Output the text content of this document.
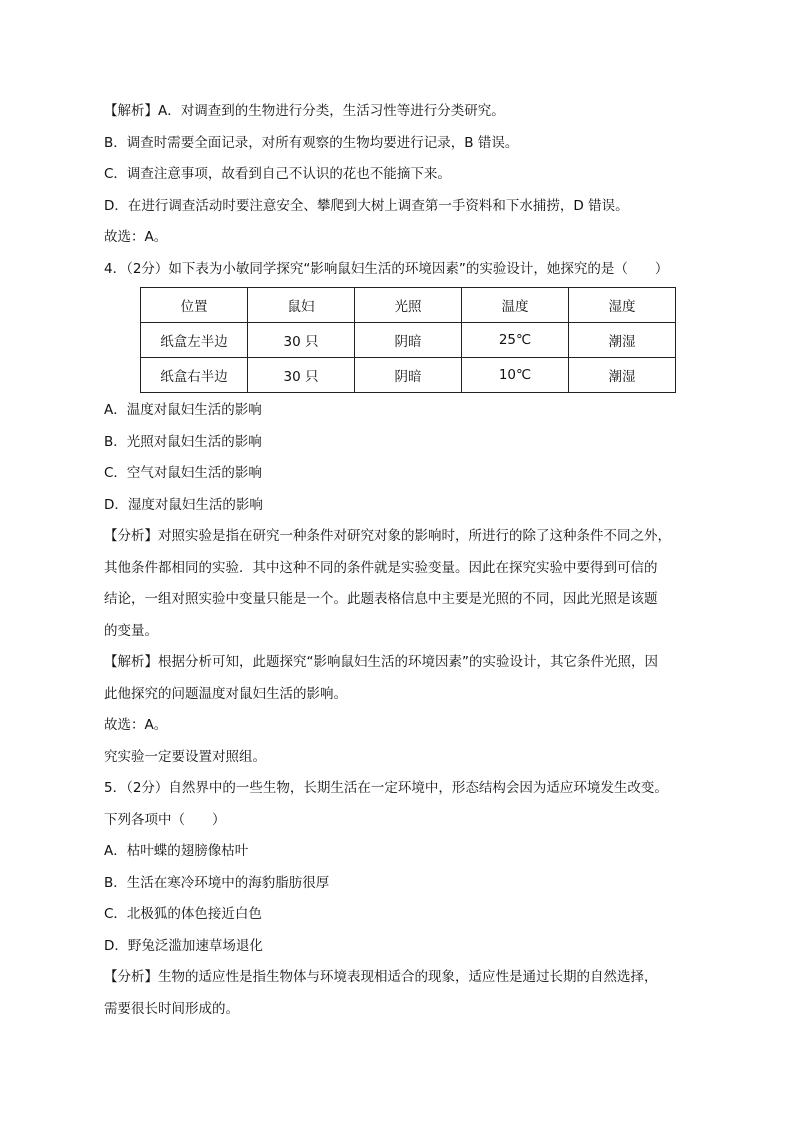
【解析】A．对调查到的生物进行分类，生活习性等进行分类研究。
B．调查时需要全面记录，对所有观察的生物均要进行记录，B 错误。
C．调查注意事项，故看到自己不认识的花也不能摘下来。
D．在进行调查活动时要注意安全、攀爬到大树上调查第一手资料和下水捕捞，D 错误。
故选：A。
4．（2分）如下表为小敏同学探究“影响鼠妇生活的环境因素”的实验设计，她探究的是（　　）
位置	鼠妇	光照	温度	湿度
纸盒左半边	30 只	阴暗	25℃	潮湿
纸盒右半边	30 只	阴暗	10℃	潮湿
A．温度对鼠妇生活的影响
B．光照对鼠妇生活的影响
C．空气对鼠妇生活的影响
D．湿度对鼠妇生活的影响
【分析】对照实验是指在研究一种条件对研究对象的影响时，所进行的除了这种条件不同之外，
其他条件都相同的实验．其中这种不同的条件就是实验变量。因此在探究实验中要得到可信的
结论，一组对照实验中变量只能是一个。此题表格信息中主要是光照的不同，因此光照是该题
的变量。
【解析】根据分析可知，此题探究“影响鼠妇生活的环境因素”的实验设计，其它条件光照，因
此他探究的问题温度对鼠妇生活的影响。
故选：A。
究实验一定要设置对照组。
5．（2分）自然界中的一些生物，长期生活在一定环境中，形态结构会因为适应环境发生改变。
下列各项中（　　）
A．枯叶蝶的翅膀像枯叶
B．生活在寒冷环境中的海豹脂肪很厚
C．北极狐的体色接近白色
D．野兔泛滥加速草场退化
【分析】生物的适应性是指生物体与环境表现相适合的现象，适应性是通过长期的自然选择，
需要很长时间形成的。
